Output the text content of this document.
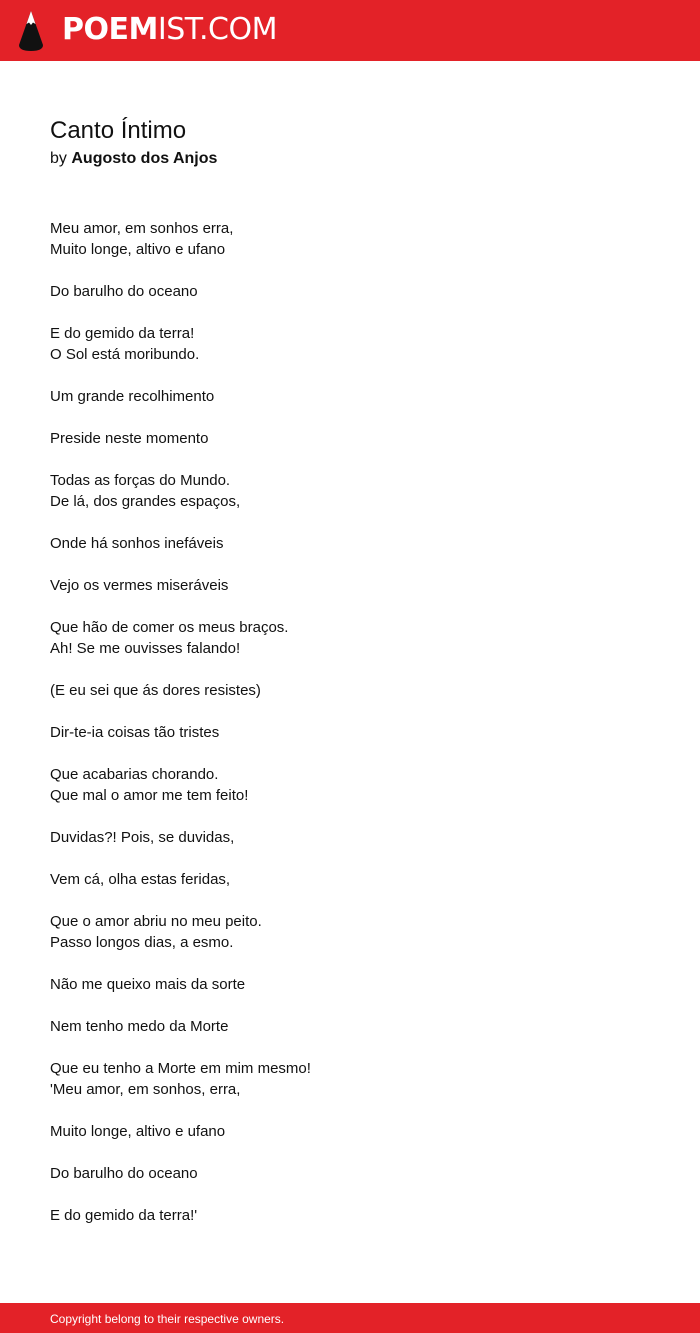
POEMIST.COM
Canto Íntimo
by Augosto dos Anjos
Meu amor, em sonhos erra,
Muito longe, altivo e ufano
Do barulho do oceano
E do gemido da terra!
O Sol está moribundo.
Um grande recolhimento
Preside neste momento
Todas as forças do Mundo.
De lá, dos grandes espaços,
Onde há sonhos inefáveis
Vejo os vermes miseráveis
Que hão de comer os meus braços.
Ah! Se me ouvisses falando!
(E eu sei que ás dores resistes)
Dir-te-ia coisas tão tristes
Que acabarias chorando.
Que mal o amor me tem feito!
Duvidas?! Pois, se duvidas,
Vem cá, olha estas feridas,
Que o amor abriu no meu peito.
Passo longos dias, a esmo.
Não me queixo mais da sorte
Nem tenho medo da Morte
Que eu tenho a Morte em mim mesmo!
'Meu amor, em sonhos, erra,
Muito longe, altivo e ufano
Do barulho do oceano
E do gemido da terra!'
Copyright belong to their respective owners.
